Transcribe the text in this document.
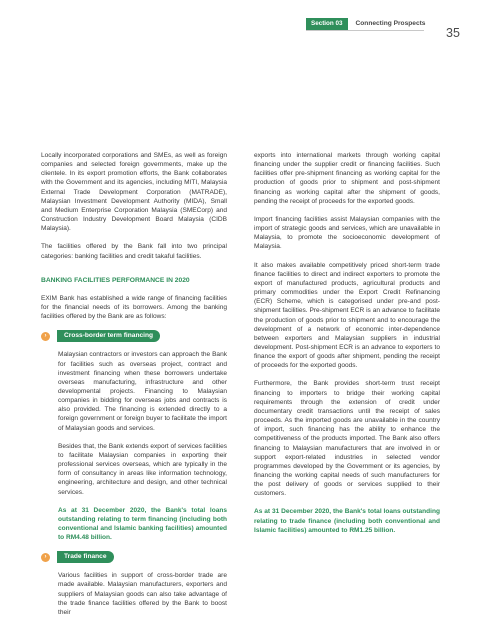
Section 03	Connecting Prospects
35

Locally incorporated corporations and SMEs, as well as foreign companies and selected foreign governments, make up the clientele. In its export promotion efforts, the Bank collaborates with the Government and its agencies, including MITI, Malaysia External Trade Development Corporation (MATRADE), Malaysian Investment Development Authority (MIDA), Small and Medium Enterprise Corporation Malaysia (SMECorp) and Construction Industry Development Board Malaysia (CIDB Malaysia).

The facilities offered by the Bank fall into two principal categories: banking facilities and credit takaful facilities.

BANKING FACILITIES PERFORMANCE IN 2020

EXIM Bank has established a wide range of financing facilities for the financial needs of its borrowers. Among the banking facilities offered by the Bank are as follows:

›	Cross-border term financing

Malaysian contractors or investors can approach the Bank for facilities such as overseas project, contract and investment financing when these borrowers undertake overseas manufacturing, infrastructure and other developmental projects. Financing to Malaysian companies in bidding for overseas jobs and contracts is also provided. The financing is extended directly to a foreign government or foreign buyer to facilitate the import of Malaysian goods and services.

Besides that, the Bank extends export of services facilities to facilitate Malaysian companies in exporting their professional services overseas, which are typically in the form of consultancy in areas like information technology, engineering, architecture and design, and other technical services.

As at 31 December 2020, the Bank's total loans outstanding relating to term financing (including both conventional and Islamic banking facilities) amounted to RM4.48 billion.

›	Trade finance

Various facilities in support of cross-border trade are made available. Malaysian manufacturers, exporters and suppliers of Malaysian goods can also take advantage of the trade finance facilities offered by the Bank to boost their

exports into international markets through working capital financing under the supplier credit or financing facilities. Such facilities offer pre-shipment financing as working capital for the production of goods prior to shipment and post-shipment financing as working capital after the shipment of goods, pending the receipt of proceeds for the exported goods.

Import financing facilities assist Malaysian companies with the import of strategic goods and services, which are unavailable in Malaysia, to promote the socioeconomic development of Malaysia.

It also makes available competitively priced short-term trade finance facilities to direct and indirect exporters to promote the export of manufactured products, agricultural products and primary commodities under the Export Credit Refinancing (ECR) Scheme, which is categorised under pre-and post-shipment facilities. Pre-shipment ECR is an advance to facilitate the production of goods prior to shipment and to encourage the development of a network of economic inter-dependence between exporters and Malaysian suppliers in industrial development. Post-shipment ECR is an advance to exporters to finance the export of goods after shipment, pending the receipt of proceeds for the exported goods.

Furthermore, the Bank provides short-term trust receipt financing to importers to bridge their working capital requirements through the extension of credit under documentary credit transactions until the receipt of sales proceeds. As the imported goods are unavailable in the country of import, such financing has the ability to enhance the competitiveness of the products imported. The Bank also offers financing to Malaysian manufacturers that are involved in or support export-related industries in selected vendor programmes developed by the Government or its agencies, by financing the working capital needs of such manufacturers for the post delivery of goods or services supplied to their customers.

As at 31 December 2020, the Bank's total loans outstanding relating to trade finance (including both conventional and Islamic facilities) amounted to RM1.25 billion.
